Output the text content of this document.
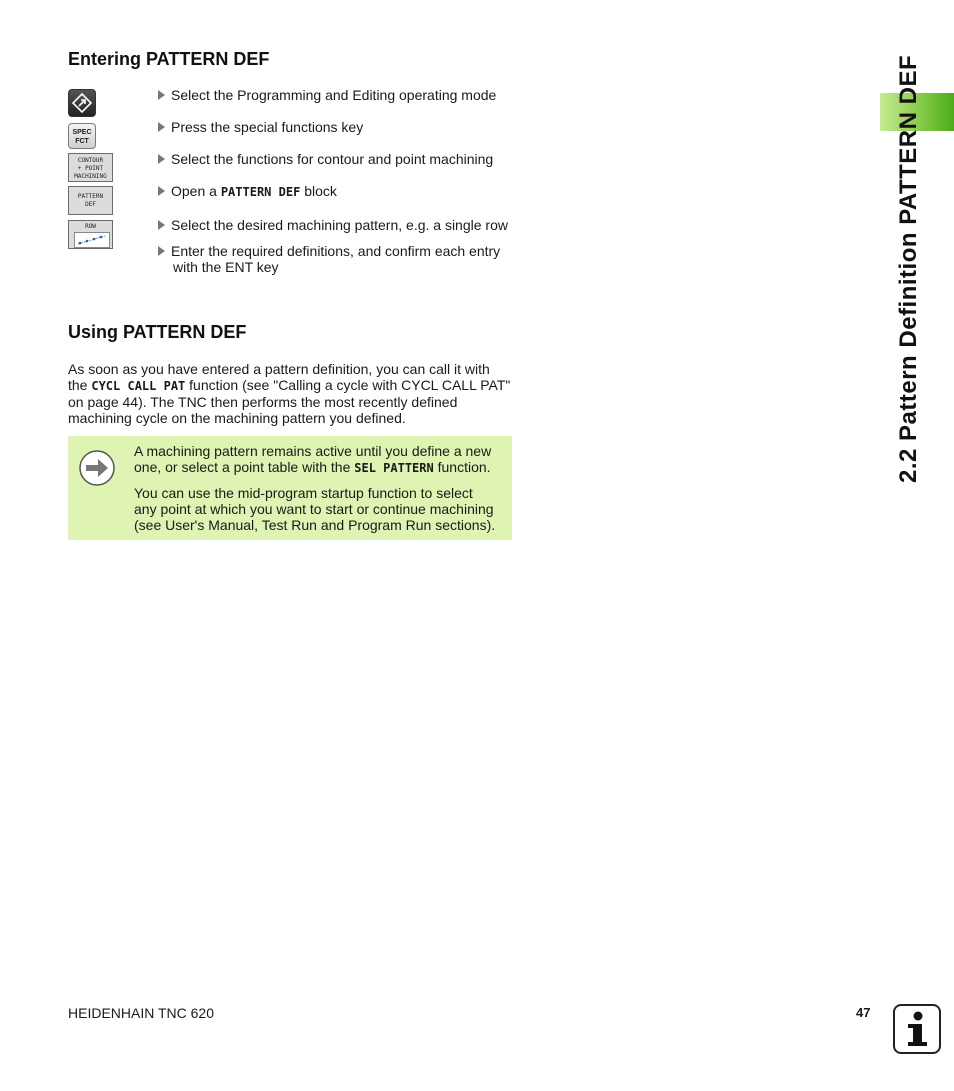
Entering PATTERN DEF
SPEC
FCT
CONTOUR
+ POINT
MACHINING
PATTERN
DEF
ROW
Select the Programming and Editing operating mode
Press the special functions key
Select the functions for contour and point machining
Open a PATTERN DEF block
Select the desired machining pattern, e.g. a single row
Enter the required definitions, and confirm each entry
with the ENT key
Using PATTERN DEF
As soon as you have entered a pattern definition, you can call it with
the CYCL CALL PAT function (see "Calling a cycle with CYCL CALL PAT"
on page 44). The TNC then performs the most recently defined
machining cycle on the machining pattern you defined.

A machining pattern remains active until you define a new
one, or select a point table with the SEL PATTERN function.

You can use the mid-program startup function to select
any point at which you want to start or continue machining
(see User's Manual, Test Run and Program Run sections).

2.2 Pattern Definition PATTERN DEF
HEIDENHAIN TNC 620	47
